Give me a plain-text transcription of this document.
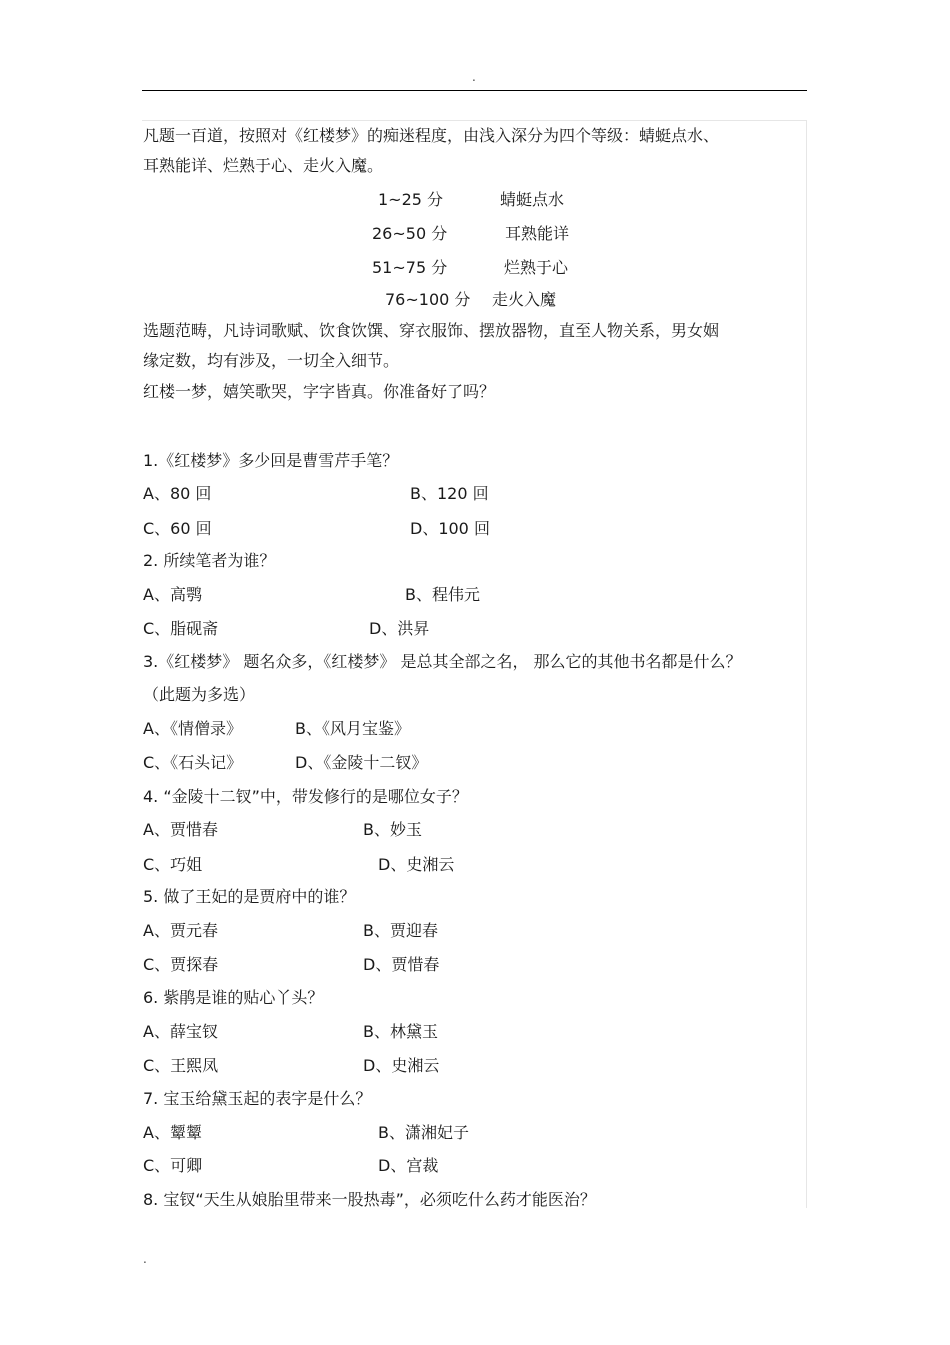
.
凡题一百道，按照对《红楼梦》的痴迷程度，由浅入深分为四个等级：蜻蜓点水、
耳熟能详、烂熟于心、走火入魔。
1~25 分	蜻蜓点水
26~50 分	耳熟能详
51~75 分	烂熟于心
76~100 分 走火入魔
选题范畴，凡诗词歌赋、饮食饮馔、穿衣服饰、摆放器物，直至人物关系，男女姻
缘定数，均有涉及，一切全入细节。
红楼一梦，嬉笑歌哭，字字皆真。你准备好了吗？
1.《红楼梦》多少回是曹雪芹手笔？
A、80 回	B、120 回
C、60 回	D、100 回
2. 所续笔者为谁？
A、高鹗	B、程伟元
C、脂砚斋	D、洪昇
3.《红楼梦》 题名众多，《红楼梦》 是总其全部之名， 那么它的其他书名都是什么？
（此题为多选）
A、《情僧录》	B、《风月宝鉴》
C、《石头记》	D、《金陵十二钗》
4. “金陵十二钗”中，带发修行的是哪位女子？
A、贾惜春	B、妙玉
C、巧姐	D、史湘云
5. 做了王妃的是贾府中的谁？
A、贾元春	B、贾迎春
C、贾探春	D、贾惜春
6. 紫鹃是谁的贴心丫头？
A、薛宝钗	B、林黛玉
C、王熙凤	D、史湘云
7. 宝玉给黛玉起的表字是什么？
A、颦颦	B、潇湘妃子
C、可卿	D、宫裁
8. 宝钗“天生从娘胎里带来一股热毒”，必须吃什么药才能医治？
.
